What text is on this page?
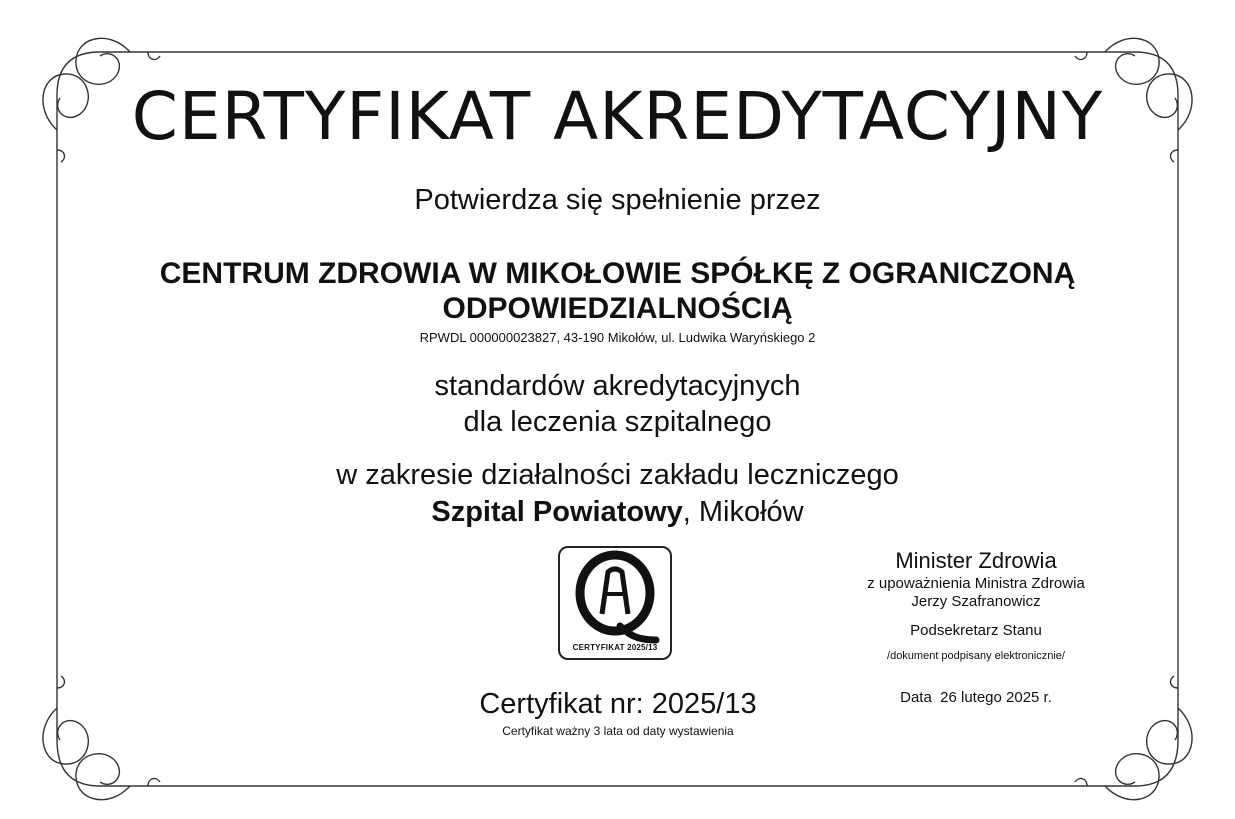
CERTYFIKAT AKREDYTACYJNY
Potwierdza się spełnienie przez
CENTRUM ZDROWIA W MIKOŁOWIE SPÓŁKĘ Z OGRANICZONĄ
ODPOWIEDZIALNOŚCIĄ
RPWDL 000000023827, 43-190 Mikołów, ul. Ludwika Waryńskiego 2
standardów akredytacyjnych
dla leczenia szpitalnego
w zakresie działalności zakładu leczniczego
Szpital Powiatowy, Mikołów
CERTYFIKAT 2025/13
Certyfikat nr: 2025/13
Certyfikat ważny 3 lata od daty wystawienia
Minister Zdrowia
z upoważnienia Ministra Zdrowia
Jerzy Szafranowicz
Podsekretarz Stanu
/dokument podpisany elektronicznie/
Data  26 lutego 2025 r.
